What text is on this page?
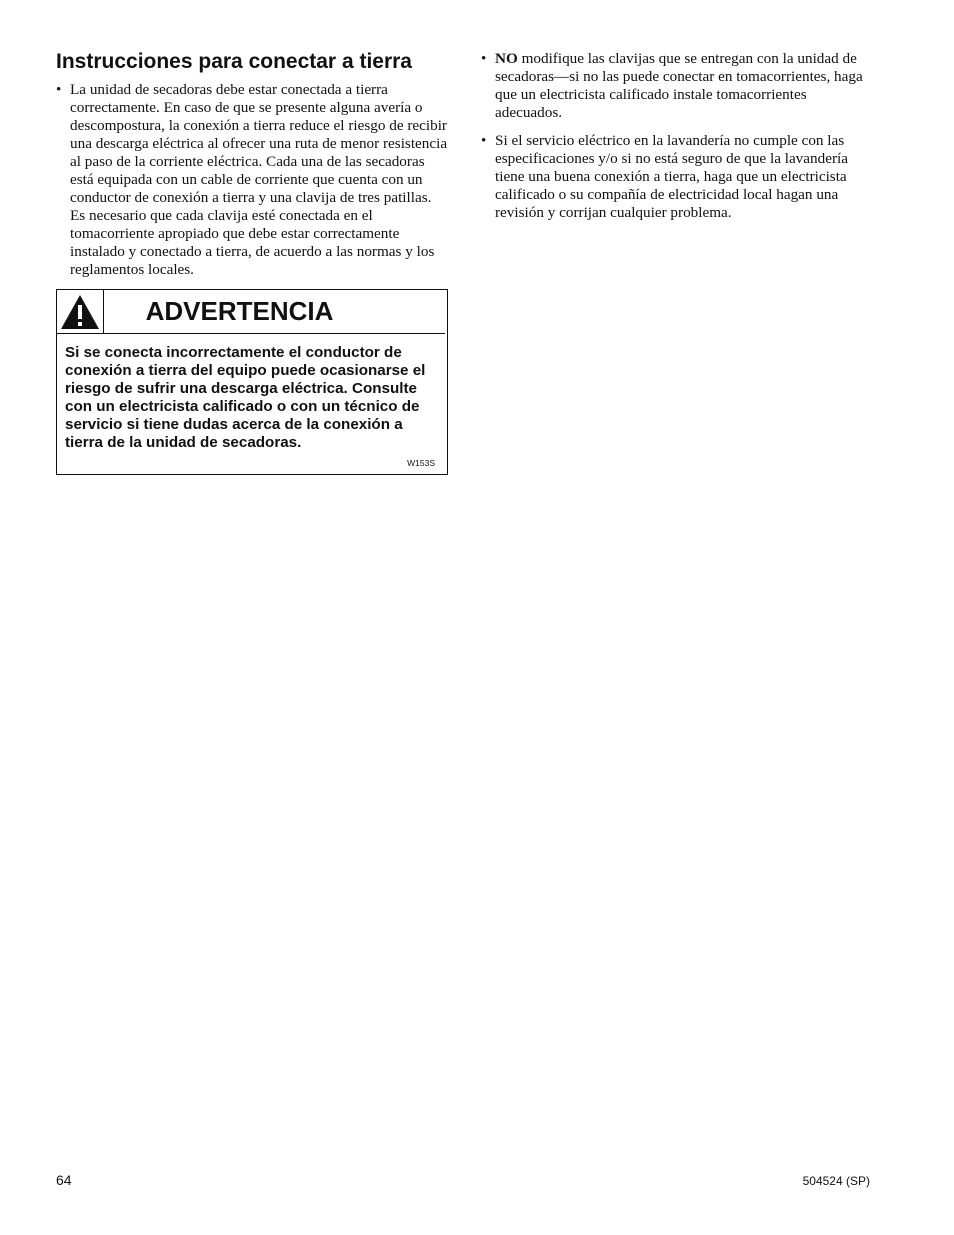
Instrucciones para conectar a tierra
• La unidad de secadoras debe estar conectada a tierra correctamente. En caso de que se presente alguna avería o descompostura, la conexión a tierra reduce el riesgo de recibir una descarga eléctrica al ofrecer una ruta de menor resistencia al paso de la corriente eléctrica. Cada una de las secadoras está equipada con un cable de corriente que cuenta con un conductor de conexión a tierra y una clavija de tres patillas. Es necesario que cada clavija esté conectada en el tomacorriente apropiado que debe estar correctamente instalado y conectado a tierra, de acuerdo a las normas y los reglamentos locales.
ADVERTENCIA
Si se conecta incorrectamente el conductor de conexión a tierra del equipo puede ocasionarse el riesgo de sufrir una descarga eléctrica. Consulte con un electricista calificado o con un técnico de servicio si tiene dudas acerca de la conexión a tierra de la unidad de secadoras.
W153S
• NO modifique las clavijas que se entregan con la unidad de secadoras—si no las puede conectar en tomacorrientes, haga que un electricista calificado instale tomacorrientes adecuados.
• Si el servicio eléctrico en la lavandería no cumple con las especificaciones y/o si no está seguro de que la lavandería tiene una buena conexión a tierra, haga que un electricista calificado o su compañía de electricidad local hagan una revisión y corrijan cualquier problema.
64	504524 (SP)
